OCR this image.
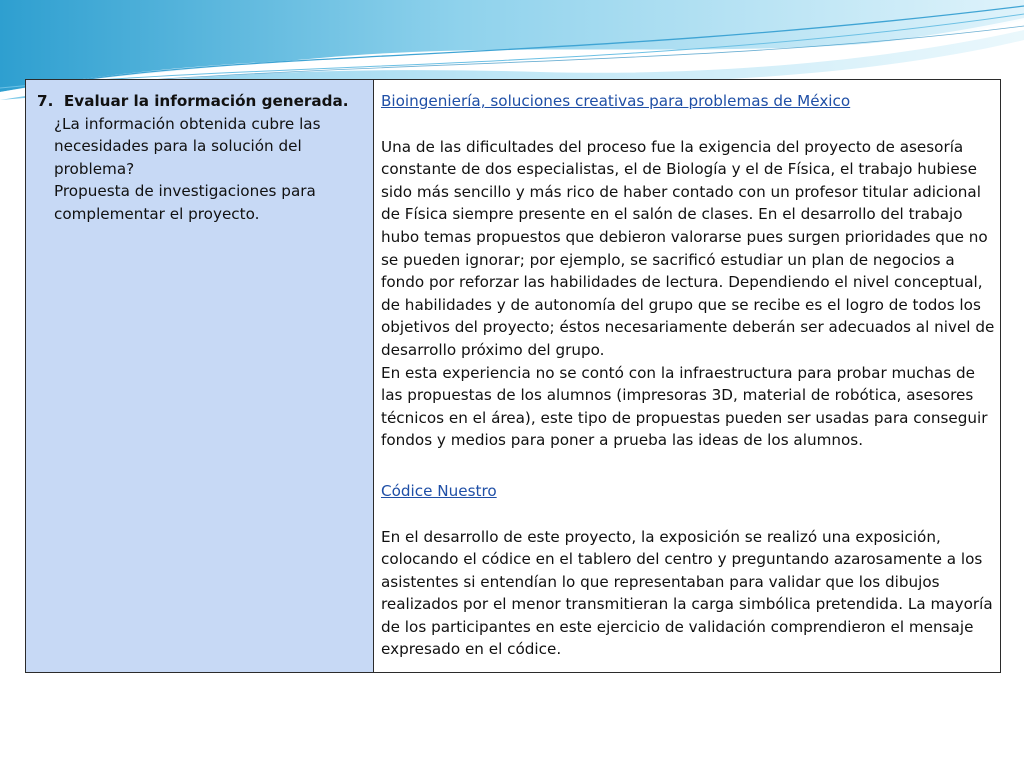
7. Evaluar la información generada.

¿La información obtenida cubre las necesidades para la solución del problema?

Propuesta de investigaciones para complementar el proyecto.

	Bioingeniería, soluciones creativas para problemas de México

Una de las dificultades del proceso fue la exigencia del proyecto de asesoría constante de dos especialistas, el de Biología y el de Física, el trabajo hubiese sido más sencillo y más rico de haber contado con un profesor titular adicional de Física siempre presente en el salón de clases. En el desarrollo del trabajo hubo temas propuestos que debieron valorarse pues surgen prioridades que no se pueden ignorar; por ejemplo, se sacrificó estudiar un plan de negocios a fondo por reforzar las habilidades de lectura. Dependiendo el nivel conceptual, de habilidades y de autonomía del grupo que se recibe es el logro de todos los objetivos del proyecto; éstos necesariamente deberán ser adecuados al nivel de desarrollo próximo del grupo.

En esta experiencia no se contó con la infraestructura para probar muchas de las propuestas de los alumnos (impresoras 3D, material de robótica, asesores técnicos en el área), este tipo de propuestas pueden ser usadas para conseguir fondos y medios para poner a prueba las ideas de los alumnos.

Códice Nuestro

En el desarrollo de este proyecto, la exposición se realizó una exposición, colocando el códice en el tablero del centro y preguntando azarosamente a los asistentes si entendían lo que representaban para validar que los dibujos realizados por el menor transmitieran la carga simbólica pretendida. La mayoría de los participantes en este ejercicio de validación comprendieron el mensaje expresado en el códice.
